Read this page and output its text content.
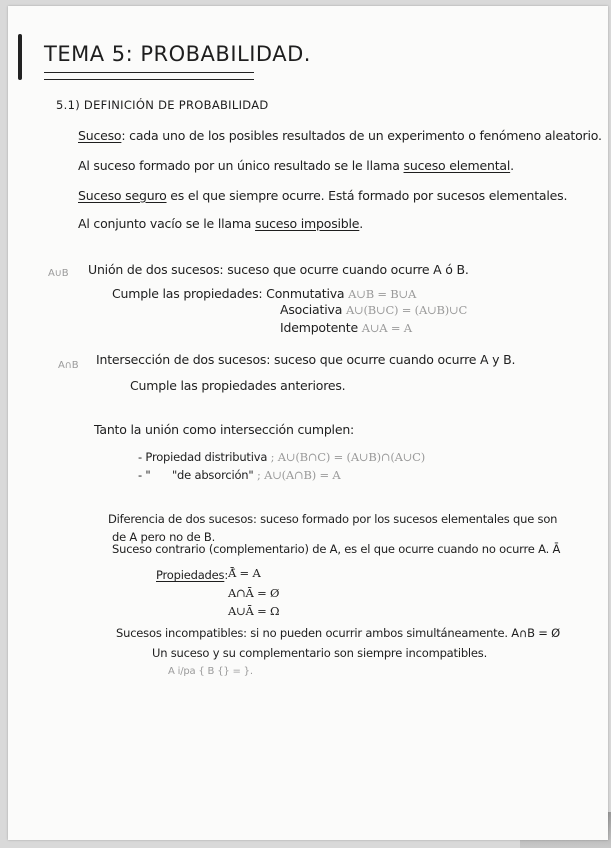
TEMA 5: PROBABILIDAD.
5.1) DEFINICIÓN DE PROBABILIDAD
Suceso: cada uno de los posibles resultados de un experimento o fenómeno aleatorio.
Al suceso formado por un único resultado se le llama suceso elemental.
Suceso seguro es el que siempre ocurre. Está formado por sucesos elementales.
Al conjunto vacío se le llama suceso imposible.
A∪B Unión de dos sucesos: suceso que ocurre cuando ocurre A ó B.
Cumple las propiedades: Conmutativa A∪B = B∪A
Asociativa A∪(B∪C) = (A∪B)∪C
Idempotente A∪A = A
A∩B Intersección de dos sucesos: suceso que ocurre cuando ocurre A y B.
Cumple las propiedades anteriores.
Tanto la unión como intersección cumplen:
- Propiedad distributiva ; A∪(B∩C) = (A∪B)∩(A∪C)
- " "de absorción" ; A∪(A∩B) = A
Diferencia de dos sucesos: suceso formado por los sucesos elementales que son
de A pero no de B.
Suceso contrario (complementario) de A, es el que ocurre cuando no ocurre A. Ā
Propiedades: Ā̄ = A
A∩Ā = Ø
A∪Ā = Ω
Sucesos incompatibles: si no pueden ocurrir ambos simultáneamente. A∩B = Ø
Un suceso y su complementario son siempre incompatibles.
A i/pa { B {} = }.
